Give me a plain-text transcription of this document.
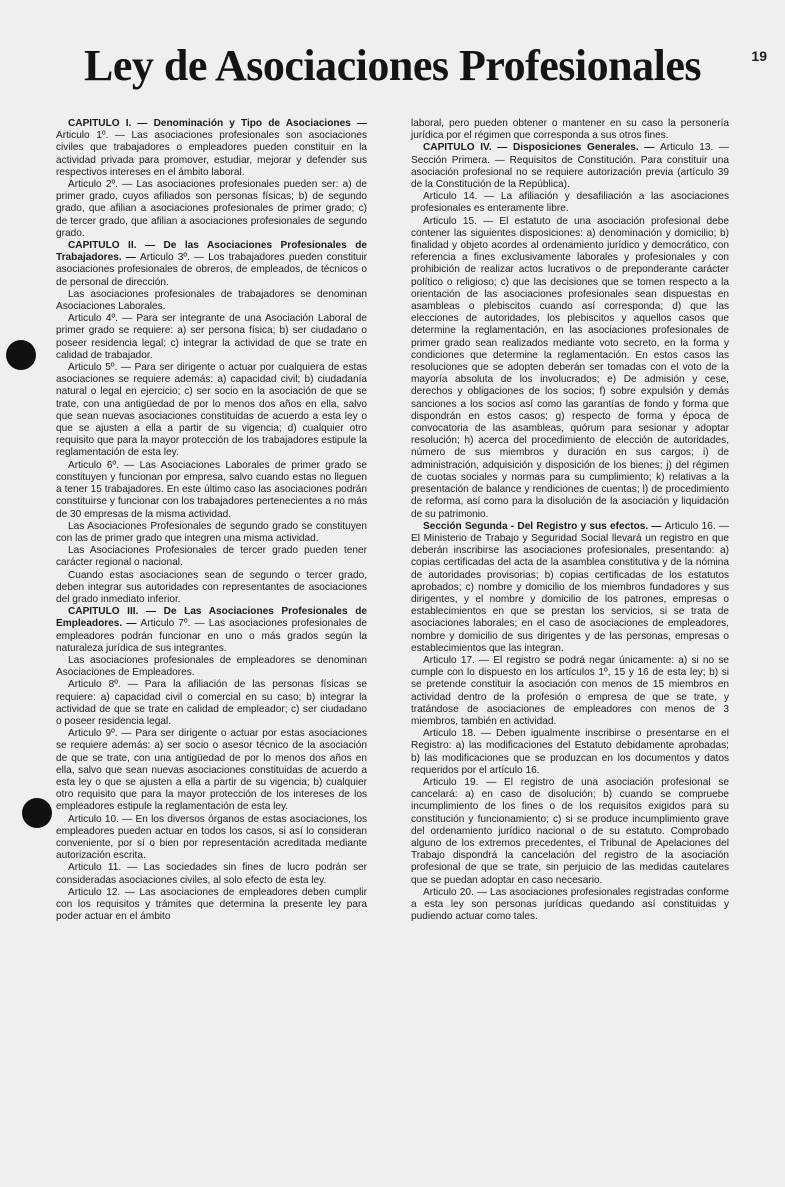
Ley de Asociaciones Profesionales	19

CAPITULO I. — Denominación y Tipo de Asociaciones — Articulo 1º. — Las asociaciones profesionales son asociaciones civiles que trabajadores o empleadores pueden constituir en la actividad privada para promover, estudiar, mejorar y defender sus respectivos intereses en el ámbito laboral.

Articulo 2º. — Las asociaciones profesionales pueden ser: a) de primer grado, cuyos afiliados son personas físicas; b) de segundo grado, que afilian a asociaciones profesionales de primer grado; c) de tercer grado, que afilian a asociaciones profesionales de segundo grado.

CAPITULO II. — De las Asociaciones Profesionales de Trabajadores. — Articulo 3º. — Los trabajadores pueden constituir asociaciones profesionales de obreros, de empleados, de técnicos o de personal de dirección.

Las asociaciones profesionales de trabajadores se denominan Asociaciones Laborales.

Articulo 4º. — Para ser integrante de una Asociación Laboral de primer grado se requiere: a) ser persona física; b) ser ciudadano o poseer residencia legal; c) integrar la actividad de que se trate en calidad de trabajador.

Articulo 5º. — Para ser dirigente o actuar por cualquiera de estas asociaciones se requiere además: a) capacidad civil; b) ciudadanía natural o legal en ejercicio; c) ser socio en la asociación de que se trate, con una antigüedad de por lo menos dos años en ella, salvo que sean nuevas asociaciones constituidas de acuerdo a esta ley o que se ajusten a ella a partir de su vigencia; d) cualquier otro requisito que para la mayor protección de los trabajadores estipule la reglamentación de esta ley.

Articulo 6º. — Las Asociaciones Laborales de primer grado se constituyen y funcionan por empresa, salvo cuando estas no lleguen a tener 15 trabajadores. En este último caso las asociaciones podrán constituirse y funcionar con los trabajadores pertenecientes a no más de 30 empresas de la misma actividad.

Las Asociaciones Profesionales de segundo grado se constituyen con las de primer grado que integren una misma actividad.

Las Asociaciones Profesionales de tercer grado pueden tener carácter regional o nacional.

Cuando estas asociaciones sean de segundo o tercer grado, deben integrar sus autoridades con representantes de asociaciones del grado inmediato inferior.

CAPITULO III. — De Las Asociaciones Profesionales de Empleadores. — Articulo 7º. — Las asociaciones profesionales de empleadores podrán funcionar en uno o más grados según la naturaleza jurídica de sus integrantes.

Las asociaciones profesionales de empleadores se denominan Asociaciones de Empleadores.

Articulo 8º. — Para la afiliación de las personas físicas se requiere: a) capacidad civil o comercial en su caso; b) integrar la actividad de que se trate en calidad de empleador; c) ser ciudadano o poseer residencia legal.

Articulo 9º. — Para ser dirigente o actuar por estas asociaciones se requiere además: a) ser socio o asesor técnico de la asociación de que se trate, con una antigüedad de por lo menos dos años en ella, salvo que sean nuevas asociaciones constituidas de acuerdo a esta ley o que se ajusten a ella a partir de su vigencia; b) cualquier otro requisito que para la mayor protección de los intereses de los empleadores estipule la reglamentación de esta ley.

Articulo 10. — En los diversos órganos de estas asociaciones, los empleadores pueden actuar en todos los casos, si así lo consideran conveniente, por sí o bien por representación acreditada mediante autorización escrita.

Articulo 11. — Las sociedades sin fines de lucro podrán ser consideradas asociaciones civiles, al solo efecto de esta ley.

Articulo 12. — Las asociaciones de empleadores deben cumplir con los requisitos y trámites que determina la presente ley para poder actuar en el ámbito

laboral, pero pueden obtener o mantener en su caso la personería jurídica por el régimen que corresponda a sus otros fines.

CAPITULO IV. — Disposiciones Generales. — Articulo 13. — Sección Primera. — Requisitos de Constitución. Para constituir una asociación profesional no se requiere autorización previa (artículo 39 de la Constitución de la República).

Articulo 14. — La afiliación y desafiliación a las asociaciones profesionales es enteramente libre.

Articulo 15. — El estatuto de una asociación profesional debe contener las siguientes disposiciones: a) denominación y domicilio; b) finalidad y objeto acordes al ordenamiento jurídico y democrático, con referencia a fines exclusivamente laborales y profesionales y con prohibición de realizar actos lucrativos o de preponderante carácter político o religioso; c) que las decisiones que se tomen respecto a la orientación de las asociaciones profesionales sean dispuestas en asambleas o plebiscitos cuando así corresponda; d) que las elecciones de autoridades, los plebiscitos y aquellos casos que determine la reglamentación, en las asociaciones profesionales de primer grado sean realizados mediante voto secreto, en la forma y condiciones que determine la reglamentación. En estos casos las resoluciones que se adopten deberán ser tomadas con el voto de la mayoría absoluta de los involucrados; e) De admisión y cese, derechos y obligaciones de los socios; f) sobre expulsión y demás sanciones a los socios así como las garantías de fondo y forma que dispondrán en estos casos; g) respecto de forma y época de convocatoria de las asambleas, quórum para sesionar y adoptar resolución; h) acerca del procedimiento de elección de autoridades, número de sus miembros y duración en sus cargos; i) de administración, adquisición y disposición de los bienes; j) del régimen de cuotas sociales y normas para su cumplimiento; k) relativas a la presentación de balance y rendiciones de cuentas; l) de procedimiento de reforma, así como para la disolución de la asociación y liquidación de su patrimonio.

Sección Segunda - Del Registro y sus efectos. — Articulo 16. — El Ministerio de Trabajo y Seguridad Social llevará un registro en que deberán inscribirse las asociaciones profesionales, presentando: a) copias certificadas del acta de la asamblea constitutiva y de la nómina de autoridades provisorias; b) copias certificadas de los estatutos aprobados; c) nombre y domicilio de los miembros fundadores y sus dirigentes, y el nombre y domicilio de los patrones, empresas o establecimientos en que se prestan los servicios, si se trata de asociaciones laborales; en el caso de asociaciones de empleadores, nombre y domicilio de sus dirigentes y de las personas, empresas o establecimientos que las integran.

Articulo 17. — El registro se podrá negar únicamente: a) si no se cumple con lo dispuesto en los artículos 1º, 15 y 16 de esta ley; b) si se pretende constituir la asociación con menos de 15 miembros en actividad dentro de la profesión o empresa de que se trate, y tratándose de asociaciones de empleadores con menos de 3 miembros, también en actividad.

Articulo 18. — Deben igualmente inscribirse o presentarse en el Registro: a) las modificaciones del Estatuto debidamente aprobadas; b) las modificaciones que se produzcan en los documentos y datos requeridos por el artículo 16.

Articulo 19. — El registro de una asociación profesional se cancelará: a) en caso de disolución; b) cuando se compruebe incumplimiento de los fines o de los requisitos exigidos para su constitución y funcionamiento; c) si se produce incumplimiento grave del ordenamiento jurídico nacional o de su estatuto. Comprobado alguno de los extremos precedentes, el Tribunal de Apelaciones del Trabajo dispondrá la cancelación del registro de la asociación profesional de que se trate, sin perjuicio de las medidas cautelares que se puedan adoptar en caso necesario.

Articulo 20. — Las asociaciones profesionales registradas conforme a esta ley son personas jurídicas quedando así constituidas y pudiendo actuar como tales.
